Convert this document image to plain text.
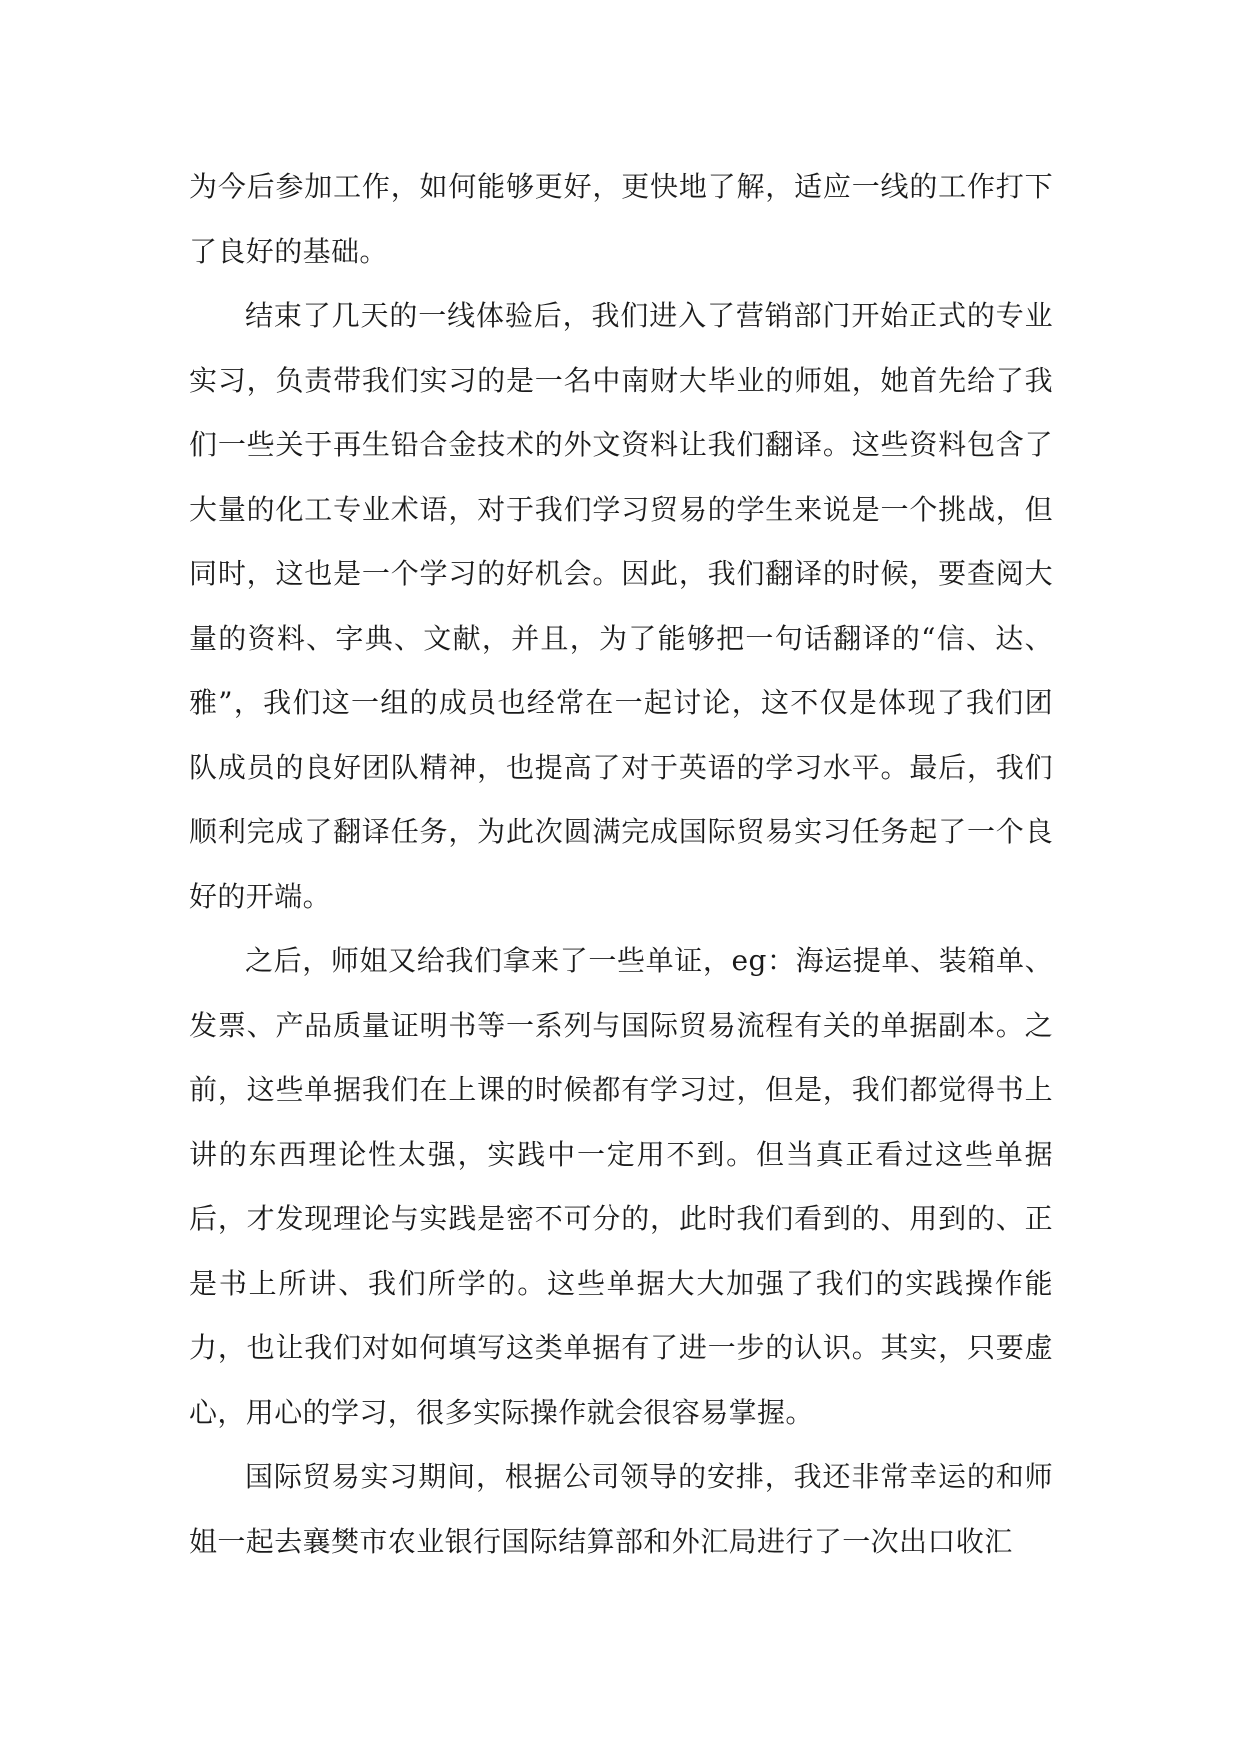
为今后参加工作，如何能够更好，更快地了解，适应一线的工作打下了良好的基础。

结束了几天的一线体验后，我们进入了营销部门开始正式的专业实习，负责带我们实习的是一名中南财大毕业的师姐，她首先给了我们一些关于再生铅合金技术的外文资料让我们翻译。这些资料包含了大量的化工专业术语，对于我们学习贸易的学生来说是一个挑战，但同时，这也是一个学习的好机会。因此，我们翻译的时候，要查阅大量的资料、字典、文献，并且，为了能够把一句话翻译的“信、达、雅”，我们这一组的成员也经常在一起讨论，这不仅是体现了我们团队成员的良好团队精神，也提高了对于英语的学习水平。最后，我们顺利完成了翻译任务，为此次圆满完成国际贸易实习任务起了一个良好的开端。

之后，师姐又给我们拿来了一些单证，eg：海运提单、装箱单、发票、产品质量证明书等一系列与国际贸易流程有关的单据副本。之前，这些单据我们在上课的时候都有学习过，但是，我们都觉得书上讲的东西理论性太强，实践中一定用不到。但当真正看过这些单据后，才发现理论与实践是密不可分的，此时我们看到的、用到的、正是书上所讲、我们所学的。这些单据大大加强了我们的实践操作能力，也让我们对如何填写这类单据有了进一步的认识。其实，只要虚心，用心的学习，很多实际操作就会很容易掌握。

国际贸易实习期间，根据公司领导的安排，我还非常幸运的和师姐一起去襄樊市农业银行国际结算部和外汇局进行了一次出口收汇
